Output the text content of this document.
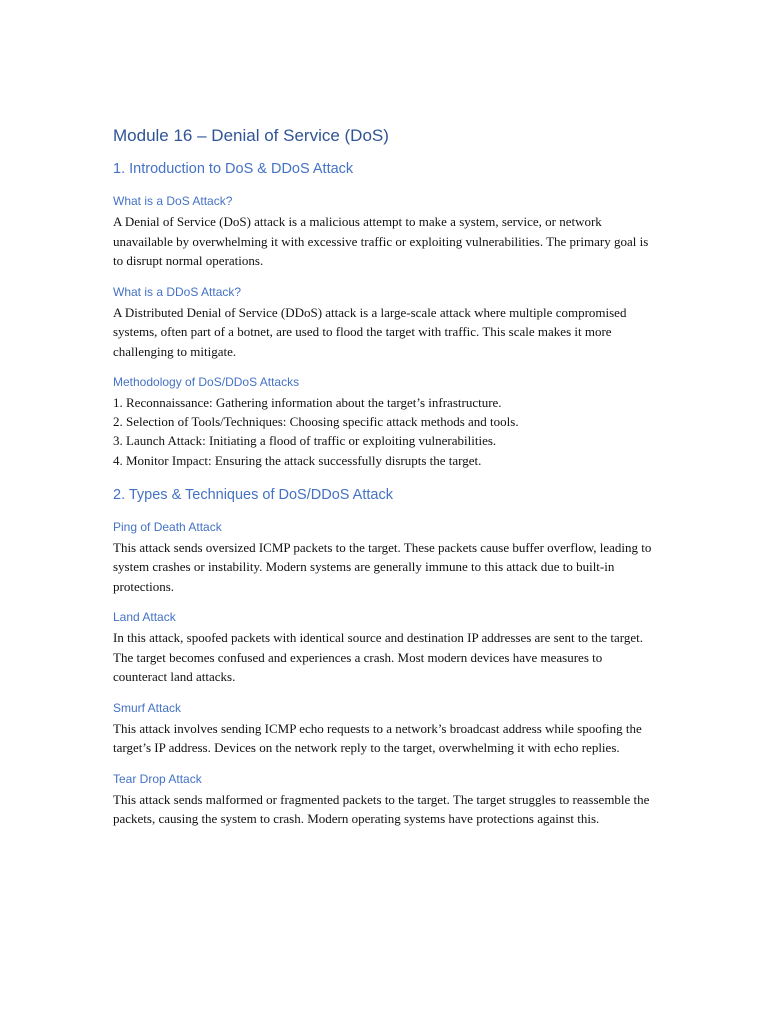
Module 16 – Denial of Service (DoS)
1. Introduction to DoS & DDoS Attack
What is a DoS Attack?
A Denial of Service (DoS) attack is a malicious attempt to make a system, service, or network unavailable by overwhelming it with excessive traffic or exploiting vulnerabilities. The primary goal is to disrupt normal operations.
What is a DDoS Attack?
A Distributed Denial of Service (DDoS) attack is a large-scale attack where multiple compromised systems, often part of a botnet, are used to flood the target with traffic. This scale makes it more challenging to mitigate.
Methodology of DoS/DDoS Attacks
1. Reconnaissance: Gathering information about the target’s infrastructure.
2. Selection of Tools/Techniques: Choosing specific attack methods and tools.
3. Launch Attack: Initiating a flood of traffic or exploiting vulnerabilities.
4. Monitor Impact: Ensuring the attack successfully disrupts the target.
2. Types & Techniques of DoS/DDoS Attack
Ping of Death Attack
This attack sends oversized ICMP packets to the target. These packets cause buffer overflow, leading to system crashes or instability. Modern systems are generally immune to this attack due to built-in protections.
Land Attack
In this attack, spoofed packets with identical source and destination IP addresses are sent to the target. The target becomes confused and experiences a crash. Most modern devices have measures to counteract land attacks.
Smurf Attack
This attack involves sending ICMP echo requests to a network’s broadcast address while spoofing the target’s IP address. Devices on the network reply to the target, overwhelming it with echo replies.
Tear Drop Attack
This attack sends malformed or fragmented packets to the target. The target struggles to reassemble the packets, causing the system to crash. Modern operating systems have protections against this.
